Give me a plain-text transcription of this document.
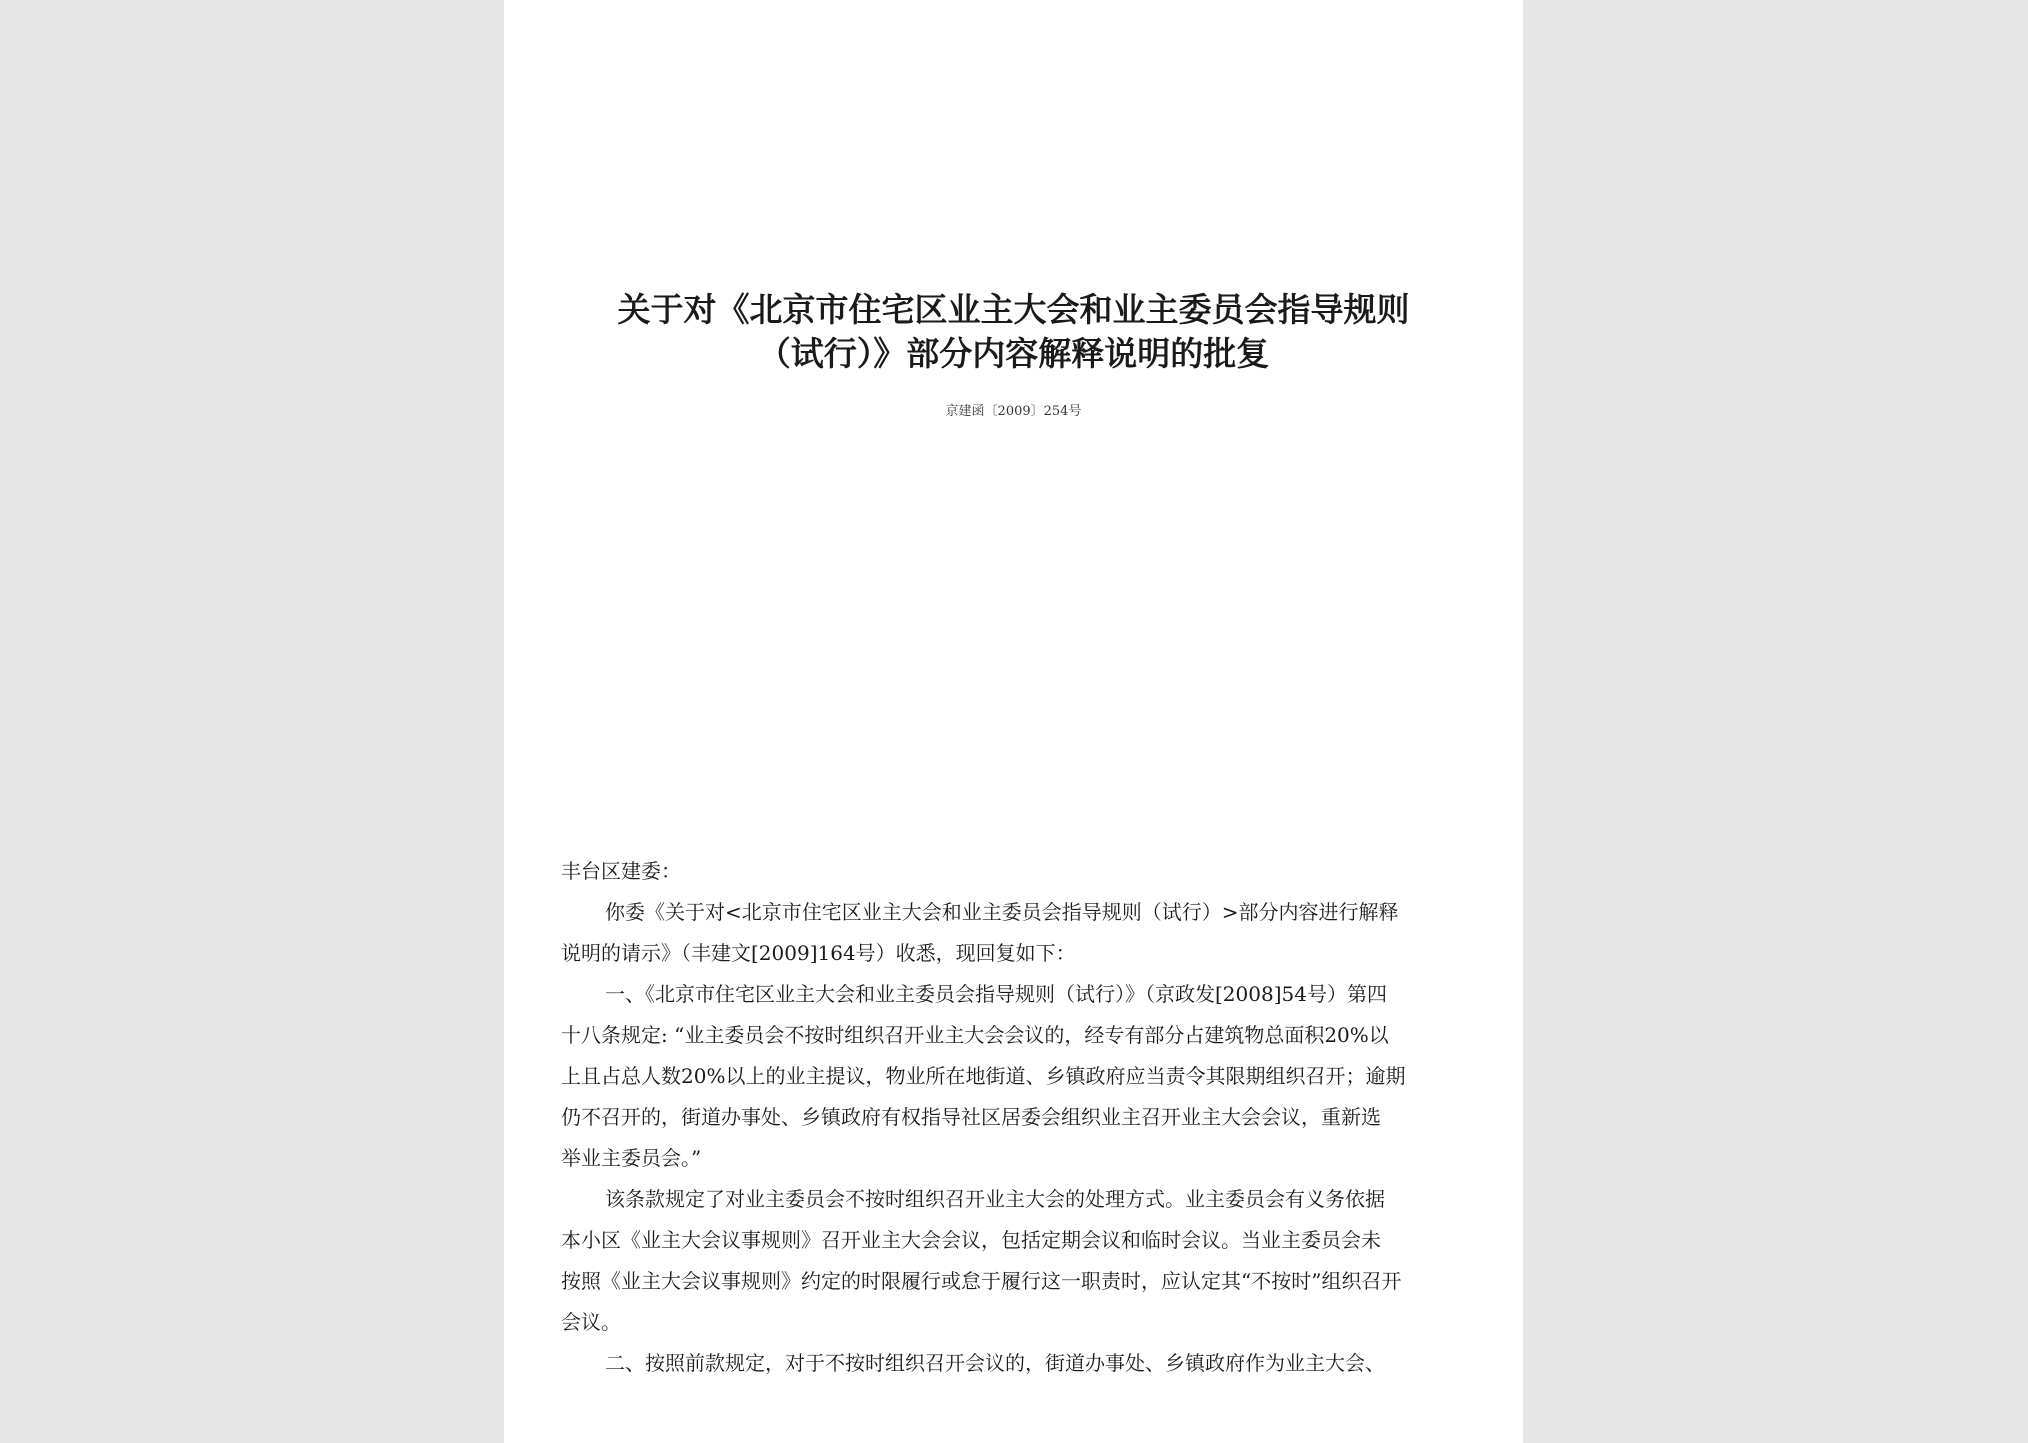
关于对《北京市住宅区业主大会和业主委员会指导规则
（试行）》部分内容解释说明的批复
京建函〔2009〕254号
丰台区建委：
你委《关于对<北京市住宅区业主大会和业主委员会指导规则（试行）>部分内容进行解释
说明的请示》（丰建文[2009]164号）收悉，现回复如下：
一、《北京市住宅区业主大会和业主委员会指导规则（试行）》（京政发[2008]54号）第四
十八条规定: “业主委员会不按时组织召开业主大会会议的，经专有部分占建筑物总面积20%以
上且占总人数20%以上的业主提议，物业所在地街道、乡镇政府应当责令其限期组织召开；逾期
仍不召开的，街道办事处、乡镇政府有权指导社区居委会组织业主召开业主大会会议，重新选
举业主委员会。”
该条款规定了对业主委员会不按时组织召开业主大会的处理方式。业主委员会有义务依据
本小区《业主大会议事规则》召开业主大会会议，包括定期会议和临时会议。当业主委员会未
按照《业主大会议事规则》约定的时限履行或怠于履行这一职责时，应认定其“不按时”组织召开
会议。
二、按照前款规定，对于不按时组织召开会议的，街道办事处、乡镇政府作为业主大会、
